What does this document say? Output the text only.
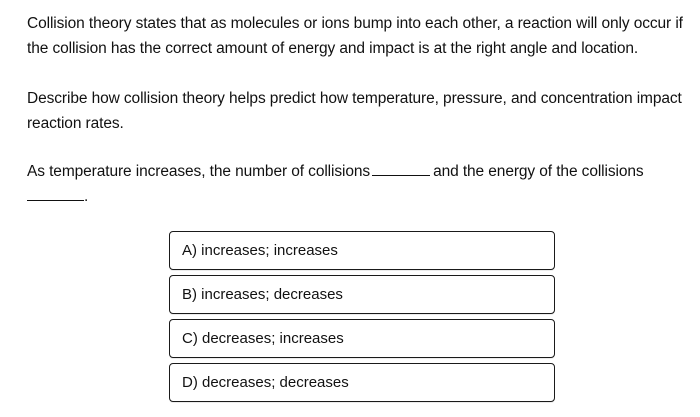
Collision theory states that as molecules or ions bump into each other, a reaction will only occur if the collision has the correct amount of energy and impact is at the right angle and location.

Describe how collision theory helps predict how temperature, pressure, and concentration impact reaction rates.

As temperature increases, the number of collisions	and the energy of the collisions
.

A) increases; increases
B) increases; decreases
C) decreases; increases
D) decreases; decreases
